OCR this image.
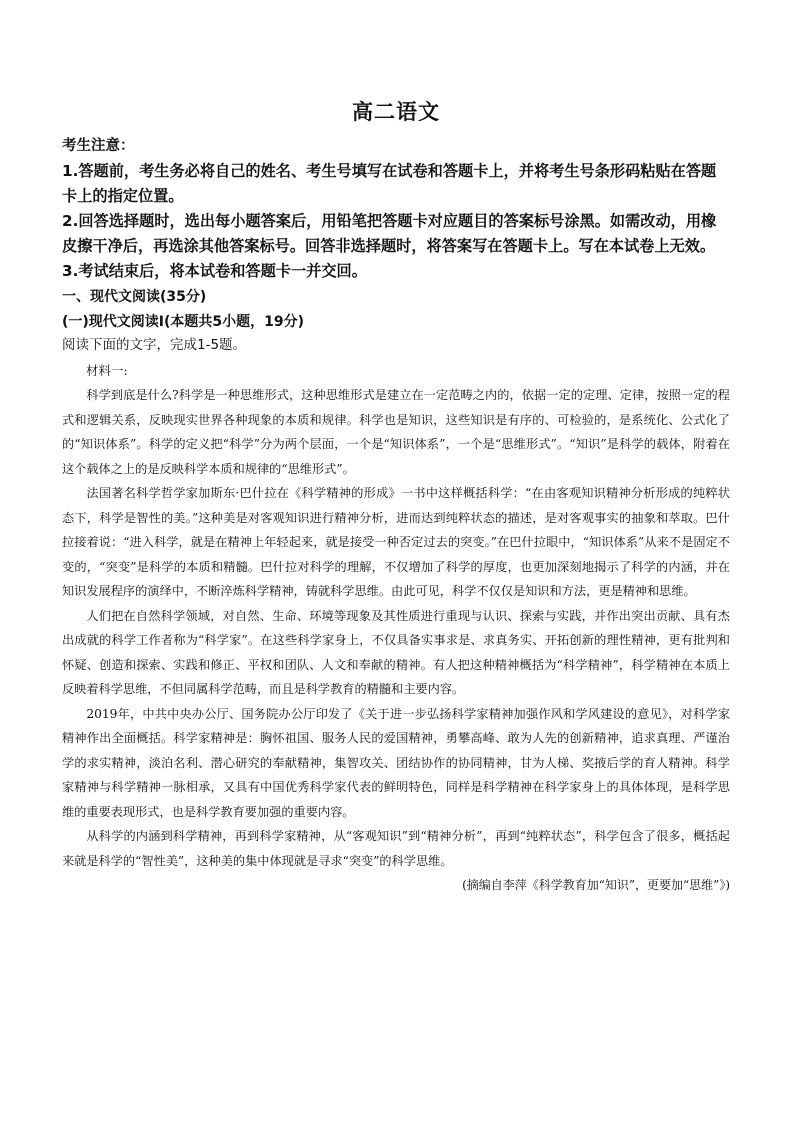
高二语文

考生注意：

1.答题前，考生务必将自己的姓名、考生号填写在试卷和答题卡上，并将考生号条形码粘贴在答题卡上的指定位置。

2.回答选择题时，选出每小题答案后，用铅笔把答题卡对应题目的答案标号涂黑。如需改动，用橡皮擦干净后，再选涂其他答案标号。回答非选择题时，将答案写在答题卡上。写在本试卷上无效。

3.考试结束后，将本试卷和答题卡一并交回。

一、现代文阅读(35分)

(一)现代文阅读Ⅰ(本题共5小题，19分)

阅读下面的文字，完成1-5题。

材料一:

科学到底是什么?科学是一种思维形式，这种思维形式是建立在一定范畴之内的，依据一定的定理、定律，按照一定的程式和逻辑关系，反映现实世界各种现象的本质和规律。科学也是知识，这些知识是有序的、可检验的，是系统化、公式化了的“知识体系”。科学的定义把“科学”分为两个层面，一个是“知识体系”，一个是“思维形式”。“知识”是科学的载体，附着在这个载体之上的是反映科学本质和规律的“思维形式”。

法国著名科学哲学家加斯东·巴什拉在《科学精神的形成》一书中这样概括科学：“在由客观知识精神分析形成的纯粹状态下，科学是智性的美。”这种美是对客观知识进行精神分析，进而达到纯粹状态的描述，是对客观事实的抽象和萃取。巴什拉接着说：“进入科学，就是在精神上年轻起来，就是接受一种否定过去的突变。”在巴什拉眼中，“知识体系”从来不是固定不变的，“突变”是科学的本质和精髓。巴什拉对科学的理解，不仅增加了科学的厚度，也更加深刻地揭示了科学的内涵，并在知识发展程序的演绎中，不断淬炼科学精神，铸就科学思维。由此可见，科学不仅仅是知识和方法，更是精神和思维。

人们把在自然科学领域，对自然、生命、环境等现象及其性质进行重现与认识、探索与实践，并作出突出贡献、具有杰出成就的科学工作者称为“科学家”。在这些科学家身上，不仅具备实事求是、求真务实、开拓创新的理性精神，更有批判和怀疑、创造和探索、实践和修正、平权和团队、人文和奉献的精神。有人把这种精神概括为“科学精神”，科学精神在本质上反映着科学思维，不但同属科学范畴，而且是科学教育的精髓和主要内容。

2019年，中共中央办公厅、国务院办公厅印发了《关于进一步弘扬科学家精神加强作风和学风建设的意见》，对科学家精神作出全面概括。科学家精神是：胸怀祖国、服务人民的爱国精神，勇攀高峰、敢为人先的创新精神，追求真理、严谨治学的求实精神，淡泊名利、潜心研究的奉献精神，集智攻关、团结协作的协同精神，甘为人梯、奖掖后学的育人精神。科学家精神与科学精神一脉相承，又具有中国优秀科学家代表的鲜明特色，同样是科学精神在科学家身上的具体体现，是科学思维的重要表现形式，也是科学教育要加强的重要内容。

从科学的内涵到科学精神，再到科学家精神，从“客观知识”到“精神分析”，再到“纯粹状态”，科学包含了很多，概括起来就是科学的“智性美”，这种美的集中体现就是寻求“突变”的科学思维。

(摘编自李萍《科学教育加“知识”，更要加“思维”》)
